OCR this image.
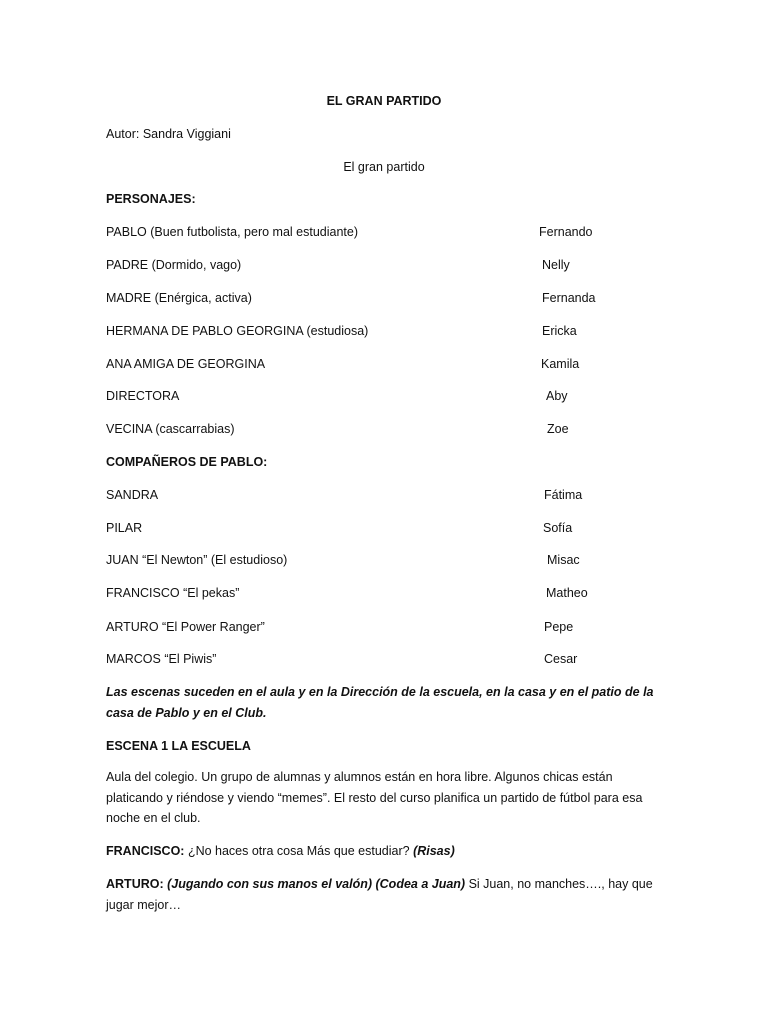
EL GRAN PARTIDO
Autor: Sandra Viggiani
El gran partido
PERSONAJES:
PABLO (Buen futbolista, pero mal estudiante)	Fernando
PADRE (Dormido, vago)	Nelly
MADRE (Enérgica, activa)	Fernanda
HERMANA DE PABLO GEORGINA (estudiosa)	Ericka
ANA AMIGA DE GEORGINA	Kamila
DIRECTORA	Aby
VECINA (cascarrabias)	Zoe
COMPAÑEROS DE PABLO:
SANDRA	Fátima
PILAR	Sofía
JUAN “El Newton” (El estudioso)	Misac
FRANCISCO “El pekas”	Matheo
ARTURO “El Power Ranger”	Pepe
MARCOS “El Piwis”	Cesar
Las escenas suceden en el aula y en la Dirección de la escuela, en la casa y en el patio de la casa de Pablo y en el Club.
ESCENA 1 LA ESCUELA
Aula del colegio. Un grupo de alumnas y alumnos están en hora libre. Algunos chicas están platicando y riéndose y viendo “memes”. El resto del curso planifica un partido de fútbol para esa noche en el club.
FRANCISCO: ¿No haces otra cosa Más que estudiar? (Risas)
ARTURO: (Jugando con sus manos el valón) (Codea a Juan) Si Juan, no manches…., hay que jugar mejor…
